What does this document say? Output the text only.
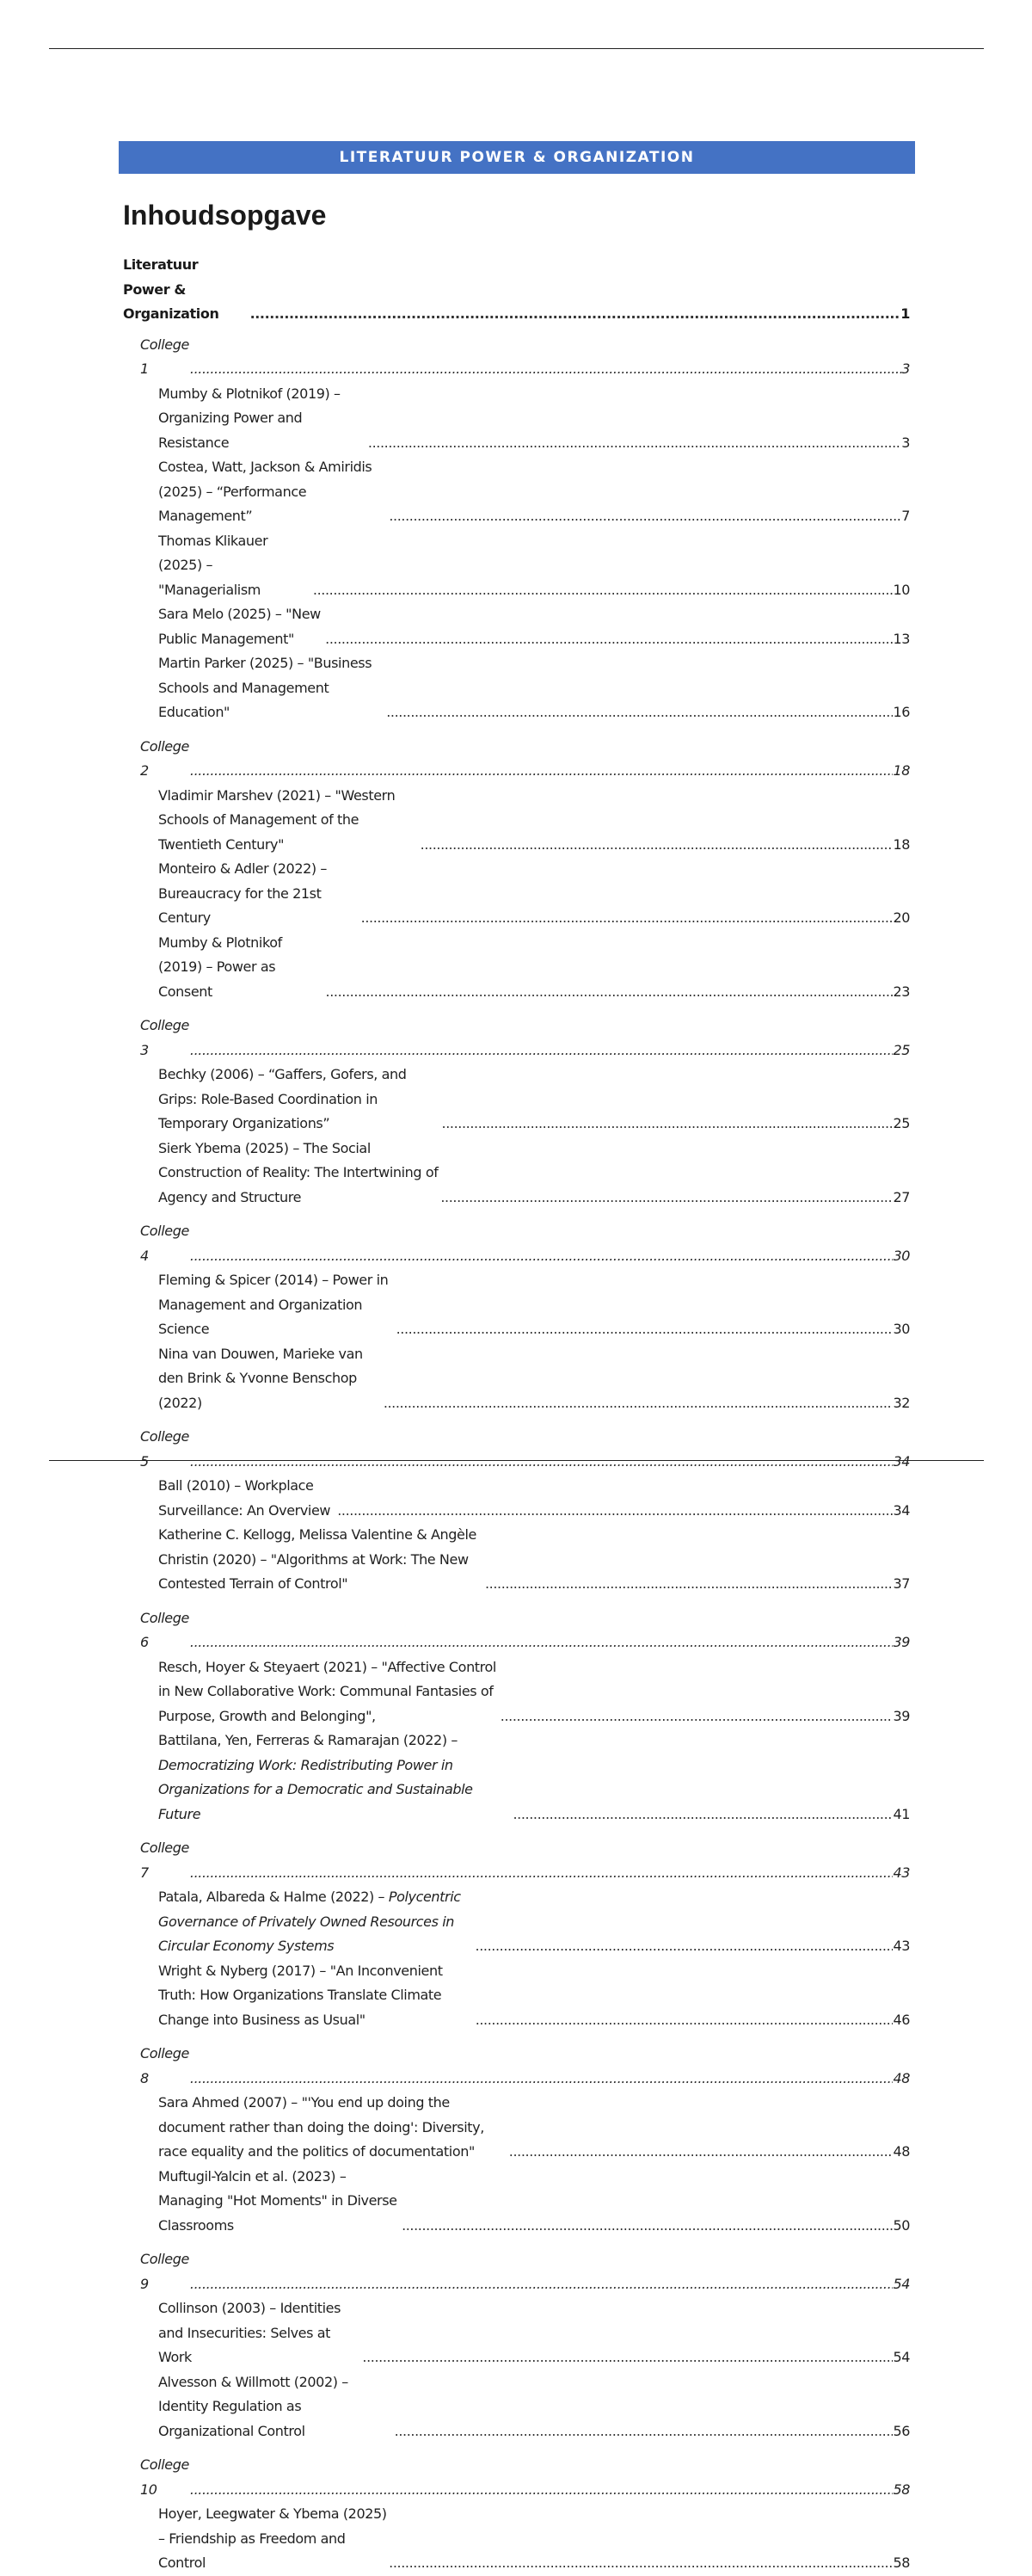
LITERATUUR POWER & ORGANIZATION
Inhoudsopgave
Literatuur Power & Organization .....	1
College 1 .....	3
Mumby & Plotnikof (2019) – Organizing Power and Resistance .....	3
Costea, Watt, Jackson & Amiridis (2025) – “Performance Management” .....	7
Thomas Klikauer (2025) – "Managerialism .....	10
Sara Melo (2025) – "New Public Management" .....	13
Martin Parker (2025) – "Business Schools and Management Education" .....	16
College 2 .....	18
Vladimir Marshev (2021) – "Western Schools of Management of the Twentieth Century" .....	18
Monteiro & Adler (2022) – Bureaucracy for the 21st Century .....	20
Mumby & Plotnikof (2019) – Power as Consent .....	23
College 3 .....	25
Bechky (2006) – “Gaffers, Gofers, and Grips: Role-Based Coordination in Temporary Organizations” .....	25
Sierk Ybema (2025) – The Social Construction of Reality: The Intertwining of Agency and Structure .....	27
College 4 .....	30
Fleming & Spicer (2014) – Power in Management and Organization Science .....	30
Nina van Douwen, Marieke van den Brink & Yvonne Benschop (2022) .....	32
College 5 .....	34
Ball (2010) – Workplace Surveillance: An Overview .....	34
Katherine C. Kellogg, Melissa Valentine & Angèle Christin (2020) – "Algorithms at Work: The New Contested Terrain of Control" .....	37
College 6 .....	39
Resch, Hoyer & Steyaert (2021) – "Affective Control in New Collaborative Work: Communal Fantasies of Purpose, Growth and Belonging", .....	39
Battilana, Yen, Ferreras & Ramarajan (2022) – Democratizing Work: Redistributing Power in Organizations for a Democratic and Sustainable Future .....	41
College 7 .....	43
Patala, Albareda & Halme (2022) – Polycentric Governance of Privately Owned Resources in Circular Economy Systems .....	43
Wright & Nyberg (2017) – "An Inconvenient Truth: How Organizations Translate Climate Change into Business as Usual" .....	46
College 8 .....	48
Sara Ahmed (2007) – "'You end up doing the document rather than doing the doing': Diversity, race equality and the politics of documentation" .....	48
Muftugil-Yalcin et al. (2023) – Managing "Hot Moments" in Diverse Classrooms .....	50
College 9 .....	54
Collinson (2003) – Identities and Insecurities: Selves at Work .....	54
Alvesson & Willmott (2002) – Identity Regulation as Organizational Control .....	56
College 10 .....	58
Hoyer, Leegwater & Ybema (2025) – Friendship as Freedom and Control .....	58
